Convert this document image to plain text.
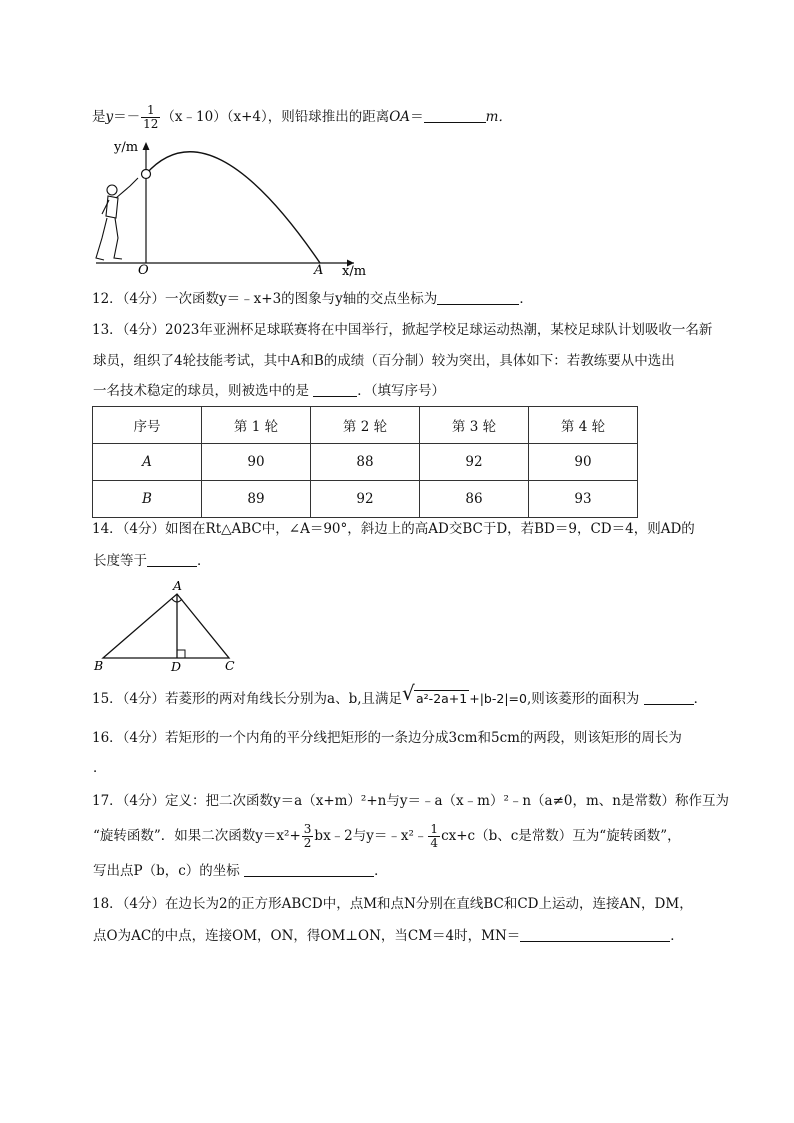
是$y=- \frac{1}{12}$ （x﹣10）（x+4），则铅球推出的距离OA＝	m．
y/m
O	A x/m
12．（4分）一次函数y＝﹣x+3的图象与y轴的交点坐标为	．
13．（4分）2023年亚洲杯足球联赛将在中国举行，掀起学校足球运动热潮，某校足球队计划吸收一名新
球员，组织了4轮技能考试，其中A和B的成绩（百分制）较为突出，具体如下：若教练要从中选出
一名技术稳定的球员，则被选中的是	．（填写序号）
序号	第 1 轮	第 2 轮	第 3 轮	第 4 轮
A	90	88	92	90
B	89	92	86	93
14．（4分）如图在Rt△ABC中，∠A＝90°，斜边上的高AD交BC于D，若BD＝9，CD＝4，则AD的
长度等于	．
A
B	D	C
15．（4分）若菱形的两对角线长分别为a、b,且满足 √ a²-2a+1 +|b-2|=0,则该菱形的面积为	．
16．（4分）若矩形的一个内角的平分线把矩形的一条边分成3cm和5cm的两段，则该矩形的周长为
．
17．（4分）定义：把二次函数y＝a（x+m）²+n与y＝﹣a（x﹣m）²﹣n（a≠0，m、n是常数）称作互为
“旋转函数”．如果二次函数$y=x^2+ \frac{3}{2}$ bx﹣2与y＝﹣x²﹣ $\frac{1}{4} cx+c(b$、c是常数）互为“旋转函数”，
写出点P（b，c）的坐标	．
18．（4分）在边长为2的正方形ABCD中，点M和点N分别在直线BC和CD上运动，连接AN，DM，
点O为AC的中点，连接OM，ON，得OM⊥ON，当CM＝4时，MN＝	．
